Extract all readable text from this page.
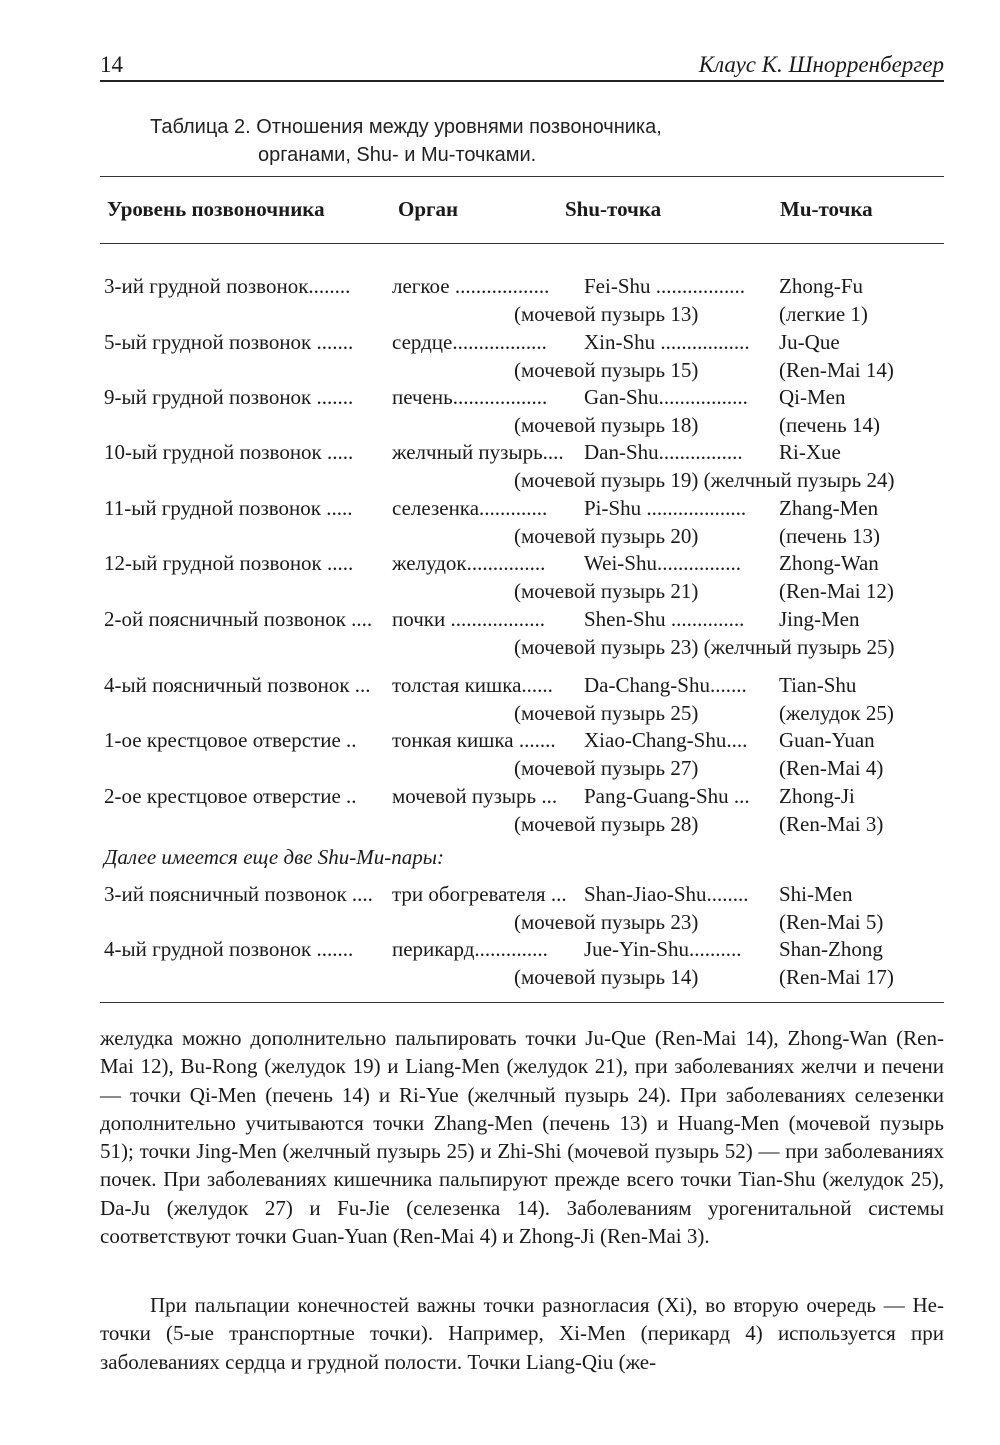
14	Клаус К. Шнорренбергер
Таблица 2. Отношения между уровнями позвоночника,
органами, Shu- и Mu-точками.
Уровень позвоночника	Орган	Shu-точка	Mu-точка
3-ий грудной позвонок........ легкое .................. Fei-Shu ................. Zhong-Fu
(мочевой пузырь 13)	(легкие 1)
5-ый грудной позвонок ....... сердце.................. Xin-Shu ................. Ju-Que
(мочевой пузырь 15)	(Ren-Mai 14)
9-ый грудной позвонок ....... печень.................. Gan-Shu................. Qi-Men
(мочевой пузырь 18)	(печень 14)
10-ый грудной позвонок ..... желчный пузырь.... Dan-Shu................ Ri-Xue
(мочевой пузырь 19) (желчный пузырь 24)
11-ый грудной позвонок ..... селезенка............. Pi-Shu ................... Zhang-Men
(мочевой пузырь 20)	(печень 13)
12-ый грудной позвонок ..... желудок............... Wei-Shu................ Zhong-Wan
(мочевой пузырь 21)	(Ren-Mai 12)
2-ой поясничный позвонок .... почки .................. Shen-Shu .............. Jing-Men
(мочевой пузырь 23) (желчный пузырь 25)
4-ый поясничный позвонок ... толстая кишка...... Da-Chang-Shu....... Tian-Shu
(мочевой пузырь 25)	(желудок 25)
1-ое крестцовое отверстие .. тонкая кишка ....... Xiao-Chang-Shu.... Guan-Yuan
(мочевой пузырь 27)	(Ren-Mai 4)
2-ое крестцовое отверстие .. мочевой пузырь ... Pang-Guang-Shu ... Zhong-Ji
(мочевой пузырь 28)	(Ren-Mai 3)
Далее имеется еще две Shu-Mu-пары:
3-ий поясничный позвонок .... три обогревателя ... Shan-Jiao-Shu........ Shi-Men
(мочевой пузырь 23)	(Ren-Mai 5)
4-ый грудной позвонок ....... перикард.............. Jue-Yin-Shu.......... Shan-Zhong
(мочевой пузырь 14)	(Ren-Mai 17)
желудка можно дополнительно пальпировать точки Ju-Que (Ren-Mai 14), Zhong-Wan (Ren-Mai 12), Bu-Rong (желудок 19) и Liang-Men (желудок 21), при заболеваниях желчи и печени — точки Qi-Men (печень 14) и Ri-Yue (желчный пузырь 24). При заболеваниях селезенки дополнительно учитываются точки Zhang-Men (печень 13) и Huang-Men (мочевой пузырь 51); точки Jing-Men (желчный пузырь 25) и Zhi-Shi (мочевой пузырь 52) — при заболеваниях почек. При заболеваниях кишечника пальпируют прежде всего точки Tian-Shu (желудок 25), Da-Ju (желудок 27) и Fu-Jie (селезенка 14). Заболеваниям урогенитальной системы соответствуют точки Guan-Yuan (Ren-Mai 4) и Zhong-Ji (Ren-Mai 3).
При пальпации конечностей важны точки разногласия (Xi), во вторую очередь — He-точки (5-ые транспортные точки). Например, Xi-Men (перикард 4) используется при заболеваниях сердца и грудной полости. Точки Liang-Qiu (же-
